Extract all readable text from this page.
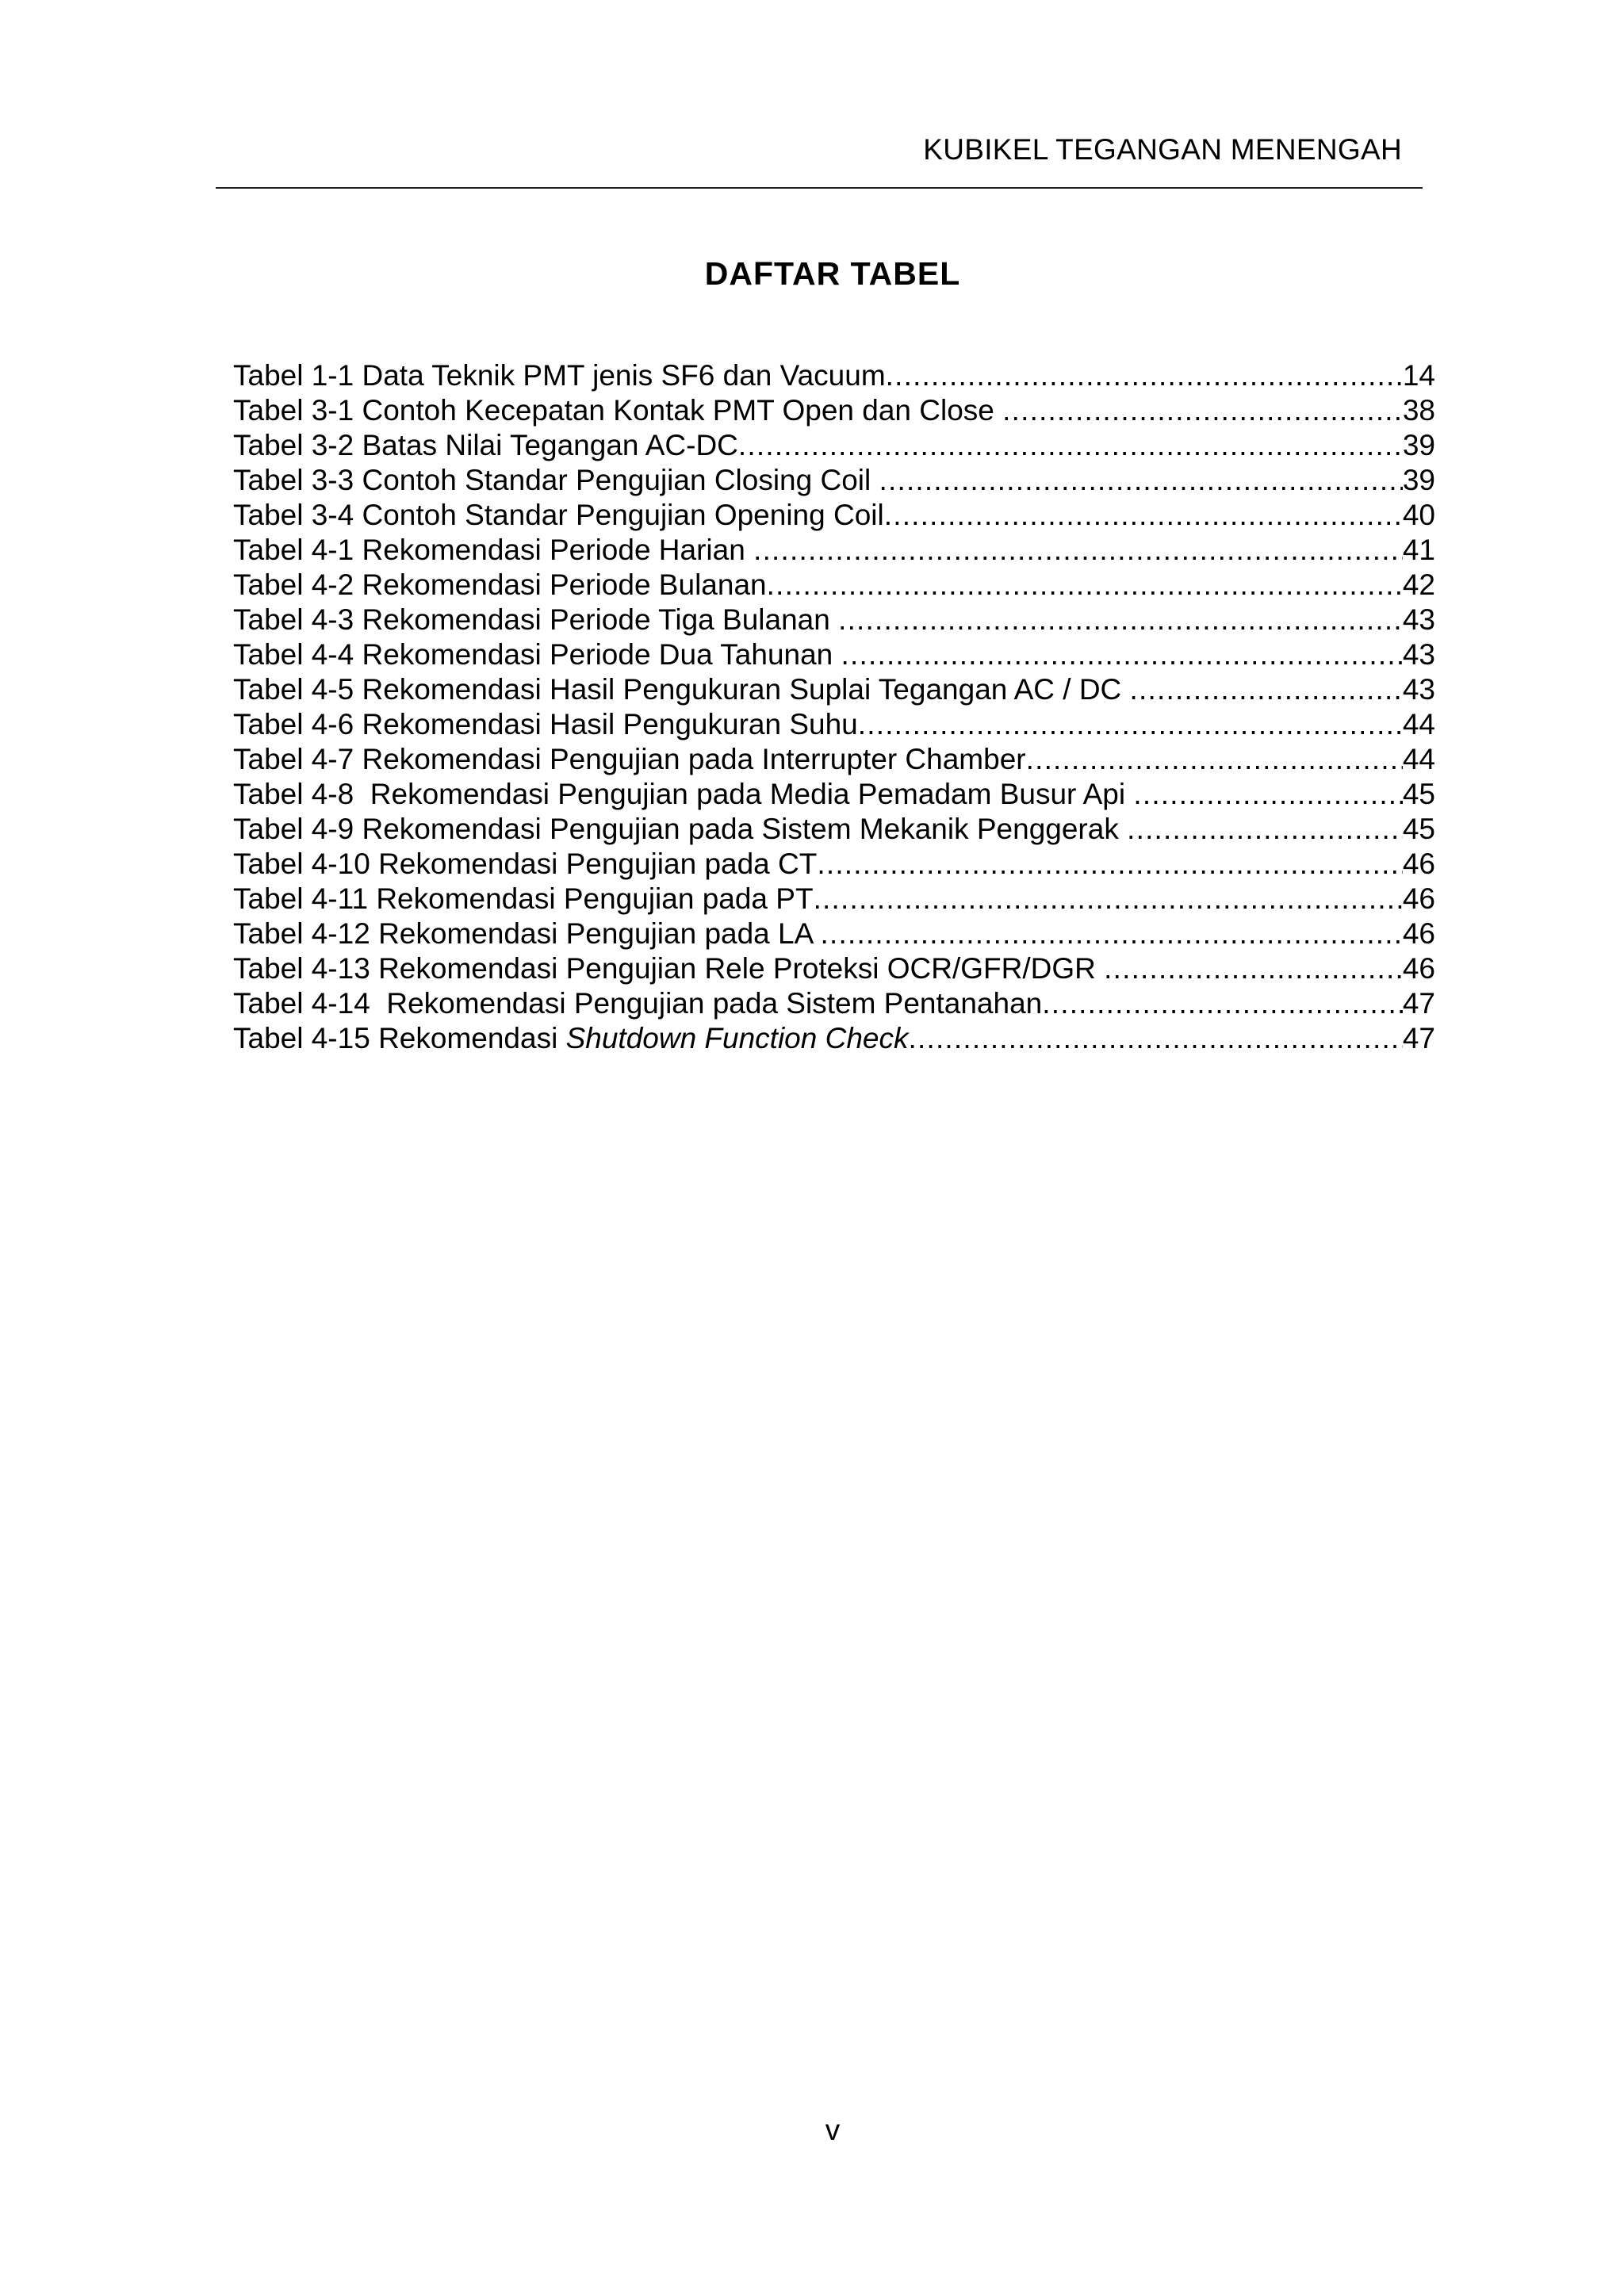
KUBIKEL TEGANGAN MENENGAH
DAFTAR TABEL
Tabel 1-1 Data Teknik PMT jenis SF6 dan Vacuum .....	14
Tabel 3-1 Contoh Kecepatan Kontak PMT Open dan Close .....	38
Tabel 3-2 Batas Nilai Tegangan AC-DC .....	39
Tabel 3-3 Contoh Standar Pengujian Closing Coil .....	39
Tabel 3-4 Contoh Standar Pengujian Opening Coil .....	40
Tabel 4-1 Rekomendasi Periode Harian .....	41
Tabel 4-2 Rekomendasi Periode Bulanan .....	42
Tabel 4-3 Rekomendasi Periode Tiga Bulanan .....	43
Tabel 4-4 Rekomendasi Periode Dua Tahunan .....	43
Tabel 4-5 Rekomendasi Hasil Pengukuran Suplai Tegangan AC / DC .....	43
Tabel 4-6 Rekomendasi Hasil Pengukuran Suhu .....	44
Tabel 4-7 Rekomendasi Pengujian pada Interrupter Chamber .....	44
Tabel 4-8  Rekomendasi Pengujian pada Media Pemadam Busur Api .....	45
Tabel 4-9 Rekomendasi Pengujian pada Sistem Mekanik Penggerak .....	45
Tabel 4-10 Rekomendasi Pengujian pada CT .....	46
Tabel 4-11 Rekomendasi Pengujian pada PT .....	46
Tabel 4-12 Rekomendasi Pengujian pada LA .....	46
Tabel 4-13 Rekomendasi Pengujian Rele Proteksi OCR/GFR/DGR .....	46
Tabel 4-14  Rekomendasi Pengujian pada Sistem Pentanahan .....	47
Tabel 4-15 Rekomendasi Shutdown Function Check .....	47
v
